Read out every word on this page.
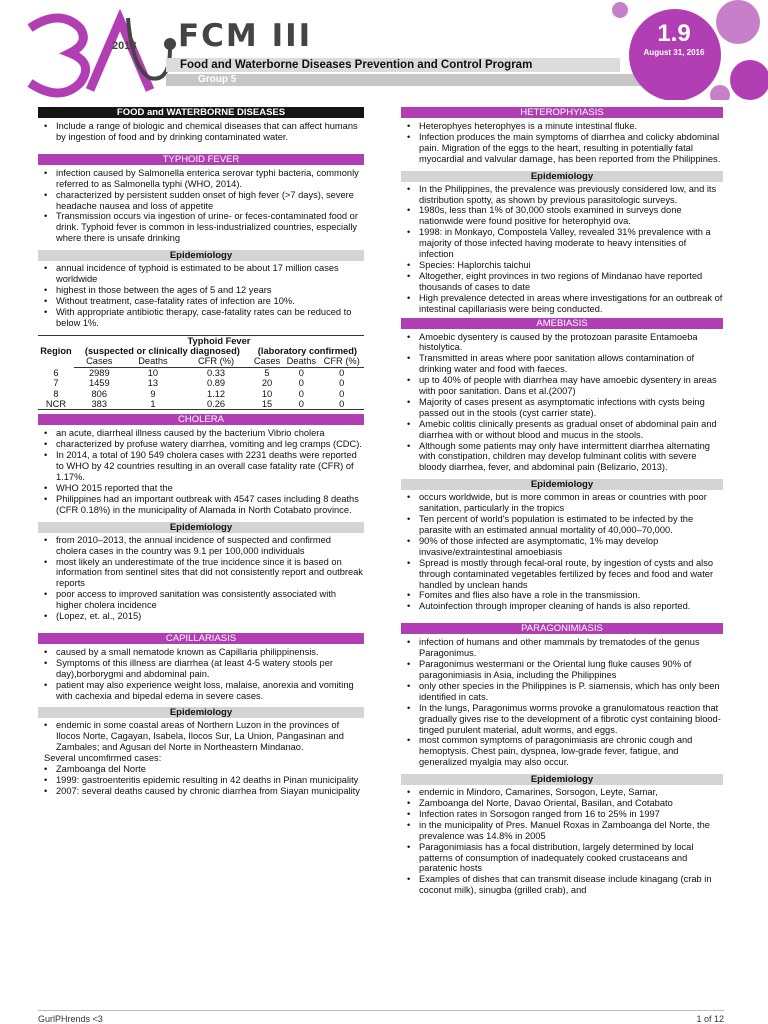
2018 FCM III
Food and Waterborne Diseases Prevention and Control Program
Group 5
1.9
August 31, 2016
FOOD and WATERBORNE DISEASES
• Include a range of biologic and chemical diseases that can affect humans by ingestion of food and by drinking contaminated water.
TYPHOID FEVER
• infection caused by Salmonella enterica serovar typhi bacteria, commonly referred to as Salmonella typhi (WHO, 2014).
• characterized by persistent sudden onset of high fever (>7 days), severe headache nausea and loss of appetite
• Transmission occurs via ingestion of urine- or feces-contaminated food or drink. Typhoid fever is common in less-industrialized countries, especially where there is unsafe drinking
Epidemiology
• annual incidence of typhoid is estimated to be about 17 million cases worldwide
• highest in those between the ages of 5 and 12 years
• Without treatment, case-fatality rates of infection are 10%.
• With appropriate antibiotic therapy, case-fatality rates can be reduced to below 1%.
Region	Typhoid Fever					
	(suspected or clinically diagnosed)			(laboratory confirmed)		
	Cases	Deaths	CFR (%)	Cases	Deaths	CFR (%)
6	2989	10	0.33	5	0	0
7	1459	13	0.89	20	0	0
8	806	9	1.12	10	0	0
NCR	383	1	0.26	15	0	0
CHOLERA
• an acute, diarrheal illness caused by the bacterium Vibrio cholera
• characterized by profuse watery diarrhea, vomiting and leg cramps (CDC).
• In 2014, a total of 190 549 cholera cases with 2231 deaths were reported to WHO by 42 countries resulting in an overall case fatality rate (CFR) of 1.17%.
• WHO 2015 reported that the
• Philippines had an important outbreak with 4547 cases including 8 deaths (CFR 0.18%) in the municipality of Alamada in North Cotabato province.
Epidemiology
• from 2010–2013, the annual incidence of suspected and confirmed cholera cases in the country was 9.1 per 100,000 individuals
• most likely an underestimate of the true incidence since it is based on information from sentinel sites that did not consistently report and outbreak reports
• poor access to improved sanitation was consistently associated with higher cholera incidence
• (Lopez, et. al., 2015)
CAPILLARIASIS
• caused by a small nematode known as Capillaria philippinensis.
• Symptoms of this illness are diarrhea (at least 4-5 watery stools per day),borborygmi and abdominal pain.
• patient may also experience weight loss, malaise, anorexia and vomiting with cachexia and bipedal edema in severe cases.
Epidemiology
• endemic in some coastal areas of Northern Luzon in the provinces of Ilocos Norte, Cagayan, Isabela, Ilocos Sur, La Union, Pangasinan and Zambales; and Agusan del Norte in Northeastern Mindanao.
Several uncomfirmed cases:
• Zamboanga del Norte
• 1999: gastroenteritis epidemic resulting in 42 deaths in Pinan municipality
• 2007: several deaths caused by chronic diarrhea from Siayan municipality
HETEROPHYIASIS
• Heterophyes heterophyes is a minute intestinal fluke.
• Infection produces the main symptoms of diarrhea and colicky abdominal pain. Migration of the eggs to the heart, resulting in potentially fatal myocardial and valvular damage, has been reported from the Philippines.
Epidemiology
• In the Philippines, the prevalence was previously considered low, and its distribution spotty, as shown by previous parasitologic surveys.
• 1980s, less than 1% of 30,000 stools examined in surveys done nationwide were found positive for heterophyid ova.
• 1998: in Monkayo, Compostela Valley, revealed 31% prevalence with a majority of those infected having moderate to heavy intensities of infection
• Species: Haplorchis taichui
• Altogether, eight provinces in two regions of Mindanao have reported thousands of cases to date
• High prevalence detected in areas where investigations for an outbreak of intestinal capillariasis were being conducted.
AMEBIASIS
• Amoebic dysentery is caused by the protozoan parasite Entamoeba histolytica.
• Transmitted in areas where poor sanitation allows contamination of drinking water and food with faeces.
• up to 40% of people with diarrhea may have amoebic dysentery in areas with poor sanitation. Dans et al.(2007)
• Majority of cases present as asymptomatic infections with cysts being passed out in the stools (cyst carrier state).
• Amebic colitis clinically presents as gradual onset of abdominal pain and diarrhea with or without blood and mucus in the stools.
• Although some patients may only have intermittent diarrhea alternating with constipation, children may develop fulminant colitis with severe bloody diarrhea, fever, and abdominal pain (Belizario, 2013).
Epidemiology
• occurs worldwide, but is more common in areas or countries with poor sanitation, particularly in the tropics
• Ten percent of world's population is estimated to be infected by the parasite with an estimated annual mortality of 40,000–70,000.
• 90% of those infected are asymptomatic, 1% may develop invasive/extraintestinal amoebiasis
• Spread is mostly through fecal-oral route, by ingestion of cysts and also through contaminated vegetables fertilized by feces and food and water handled by unclean hands
• Fomites and flies also have a role in the transmission.
• Autoinfection through improper cleaning of hands is also reported.
PARAGONIMIASIS
• infection of humans and other mammals by trematodes of the genus Paragonimus.
• Paragonimus westermani or the Oriental lung fluke causes 90% of paragonimiasis in Asia, including the Philippines
• only other species in the Philippines is P. siamensis, which has only been identified in cats.
• In the lungs, Paragonimus worms provoke a granulomatous reaction that gradually gives rise to the development of a fibrotic cyst containing blood-tinged purulent material, adult worms, and eggs.
• most common symptoms of paragonimiasis are chronic cough and hemoptysis. Chest pain, dyspnea, low-grade fever, fatigue, and generalized myalgia may also occur.
Epidemiology
• endemic in Mindoro, Camarines, Sorsogon, Leyte, Samar,
• Zamboanga del Norte, Davao Oriental, Basilan, and Cotabato
• Infection rates in Sorsogon ranged from 16 to 25% in 1997
• in the municipality of Pres. Manuel Roxas in Zamboanga del Norte, the prevalence was 14.8% in 2005
• Paragonimiasis has a focal distribution, largely determined by local patterns of consumption of inadequately cooked crustaceans and paratenic hosts
• Examples of dishes that can transmit disease include kinagang (crab in coconut milk), sinugba (grilled crab), and
GurlPHrends <3	1 of 12
